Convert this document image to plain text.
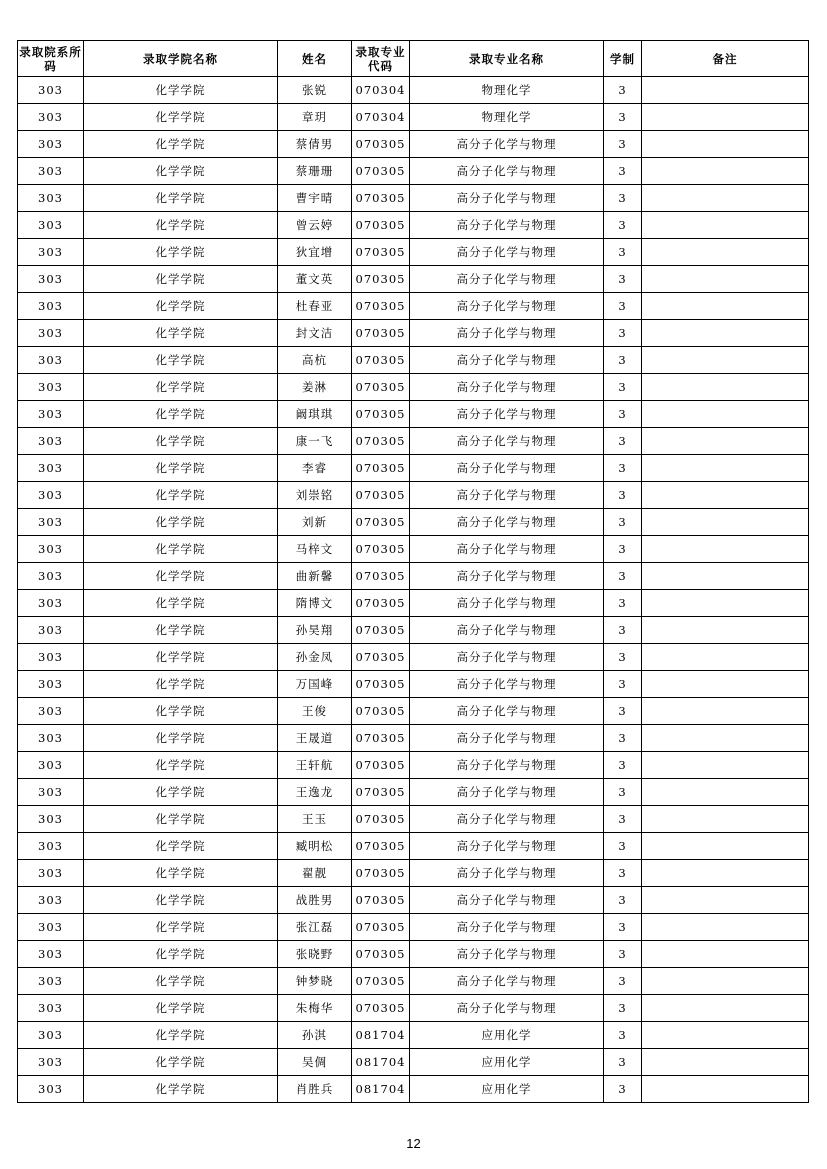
录取院系所码	录取学院名称	姓名	录取专业代码	录取专业名称	学制	备注
303	化学学院	张锐	070304	物理化学	3	
303	化学学院	章玥	070304	物理化学	3	
303	化学学院	蔡倩男	070305	高分子化学与物理	3	
303	化学学院	蔡珊珊	070305	高分子化学与物理	3	
303	化学学院	曹宇晴	070305	高分子化学与物理	3	
303	化学学院	曾云婷	070305	高分子化学与物理	3	
303	化学学院	狄宜增	070305	高分子化学与物理	3	
303	化学学院	董文英	070305	高分子化学与物理	3	
303	化学学院	杜春亚	070305	高分子化学与物理	3	
303	化学学院	封文洁	070305	高分子化学与物理	3	
303	化学学院	高杭	070305	高分子化学与物理	3	
303	化学学院	姜淋	070305	高分子化学与物理	3	
303	化学学院	阚琪琪	070305	高分子化学与物理	3	
303	化学学院	康一飞	070305	高分子化学与物理	3	
303	化学学院	李睿	070305	高分子化学与物理	3	
303	化学学院	刘崇铭	070305	高分子化学与物理	3	
303	化学学院	刘新	070305	高分子化学与物理	3	
303	化学学院	马梓文	070305	高分子化学与物理	3	
303	化学学院	曲新馨	070305	高分子化学与物理	3	
303	化学学院	隋博文	070305	高分子化学与物理	3	
303	化学学院	孙昊翔	070305	高分子化学与物理	3	
303	化学学院	孙金凤	070305	高分子化学与物理	3	
303	化学学院	万国峰	070305	高分子化学与物理	3	
303	化学学院	王俊	070305	高分子化学与物理	3	
303	化学学院	王晟道	070305	高分子化学与物理	3	
303	化学学院	王轩航	070305	高分子化学与物理	3	
303	化学学院	王逸龙	070305	高分子化学与物理	3	
303	化学学院	王玉	070305	高分子化学与物理	3	
303	化学学院	臧明松	070305	高分子化学与物理	3	
303	化学学院	翟靓	070305	高分子化学与物理	3	
303	化学学院	战胜男	070305	高分子化学与物理	3	
303	化学学院	张江磊	070305	高分子化学与物理	3	
303	化学学院	张晓野	070305	高分子化学与物理	3	
303	化学学院	钟梦晓	070305	高分子化学与物理	3	
303	化学学院	朱梅华	070305	高分子化学与物理	3	
303	化学学院	孙淇	081704	应用化学	3	
303	化学学院	吴倜	081704	应用化学	3	
303	化学学院	肖胜兵	081704	应用化学	3	
12
